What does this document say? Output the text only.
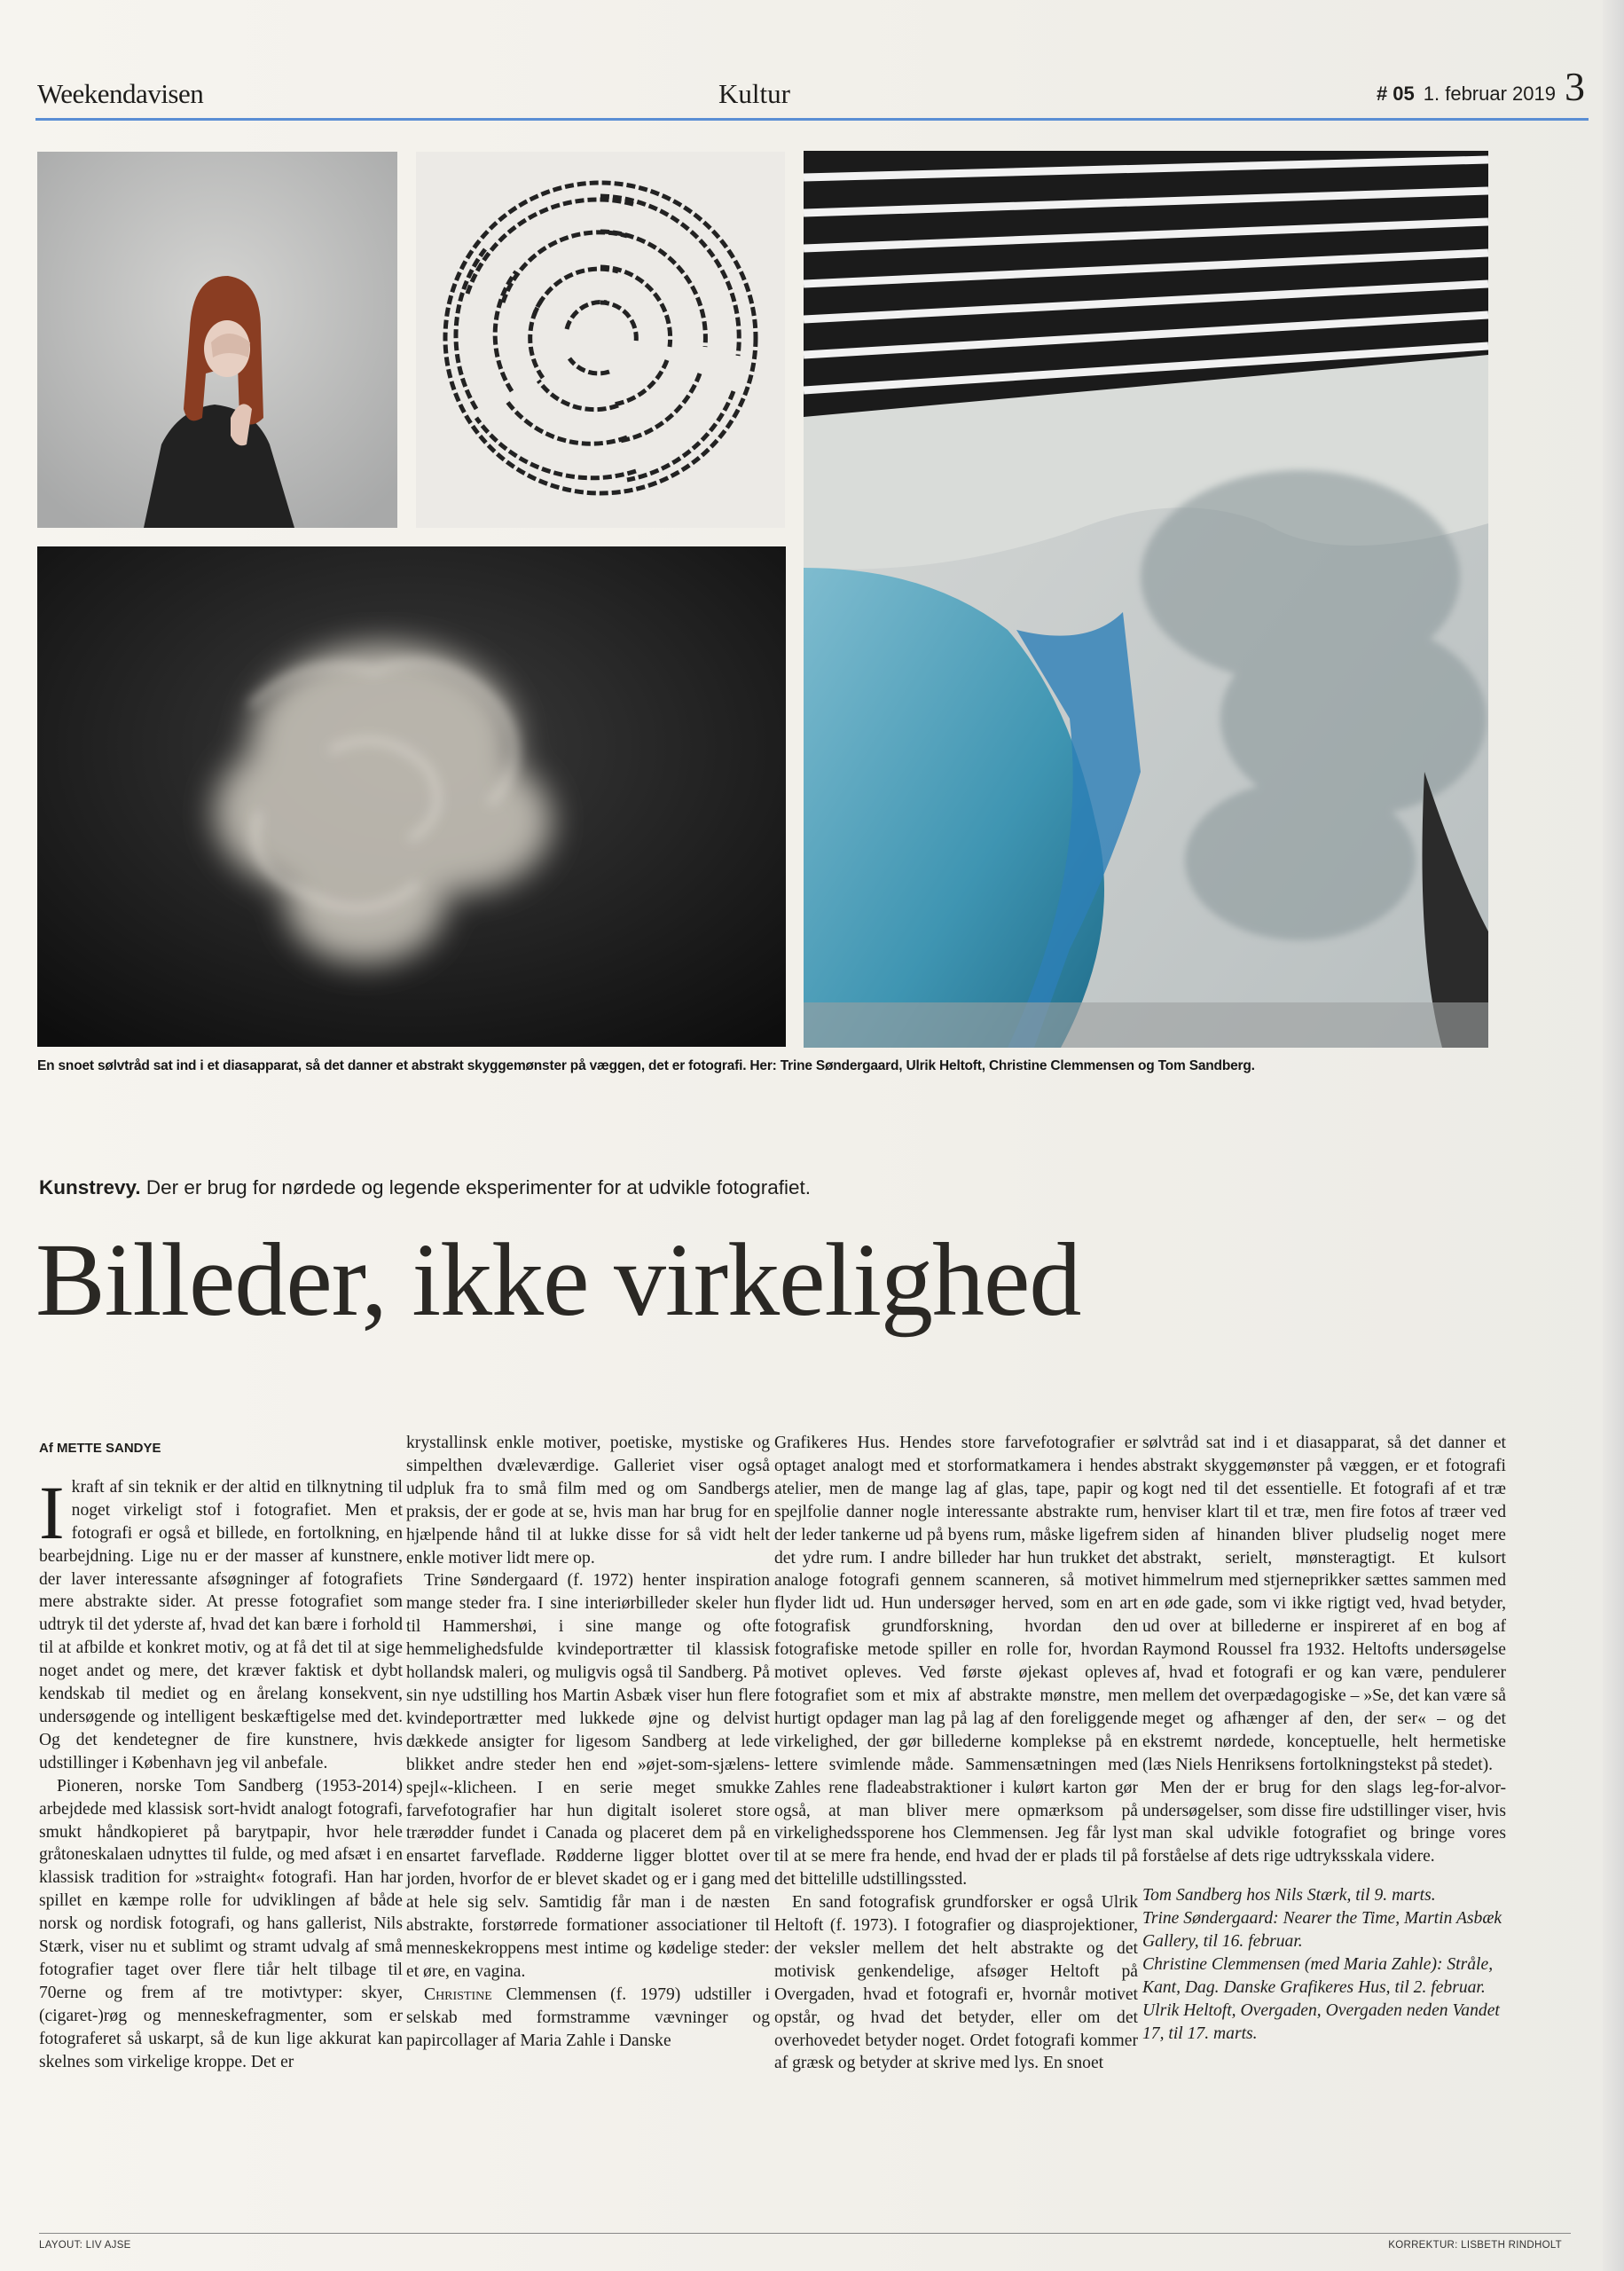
Weekendavisen	Kultur	# 05 1. februar 2019 3
En snoet sølvtråd sat ind i et diasapparat, så det danner et abstrakt skyggemønster på væggen, det er fotografi. Her: Trine Søndergaard, Ulrik Heltoft, Christine Clemmensen og Tom Sandberg.
Kunstrevy. Der er brug for nørdede og legende eksperimenter for at udvikle fotografiet.
Billeder, ikke virkelighed
Af METTE SANDYE

Ikraft af sin teknik er der altid en tilknytning til noget virkeligt stof i fotografiet. Men et fotografi er også et billede, en fortolkning, en bearbejdning. Lige nu er der masser af kunstnere, der laver interessante afsøgninger af fotografiets mere abstrakte sider. At presse fotografiet som udtryk til det yderste af, hvad det kan bære i forhold til at afbilde et konkret motiv, og at få det til at sige noget andet og mere, det kræver faktisk et dybt kendskab til mediet og en årelang konsekvent, undersøgende og intelligent beskæftigelse med det. Og det kendetegner de fire kunstnere, hvis udstillinger i København jeg vil anbefale.

Pioneren, norske Tom Sandberg (1953-2014) arbejdede med klassisk sort-hvidt analogt fotografi, smukt håndkopieret på barytpapir, hvor hele gråtoneskalaen udnyttes til fulde, og med afsæt i en klassisk tradition for »straight« fotografi. Han har spillet en kæmpe rolle for udviklingen af både norsk og nordisk fotografi, og hans gallerist, Nils Stærk, viser nu et sublimt og stramt udvalg af små fotografier taget over flere tiår helt tilbage til 70erne og frem af tre motivtyper: skyer, (cigaret-)røg og menneskefragmenter, som er fotograferet så uskarpt, så de kun lige akkurat kan skelnes som virkelige kroppe. Det er

krystallinsk enkle motiver, poetiske, mystiske og simpelthen dvæleværdige. Galleriet viser også udpluk fra to små film med og om Sandbergs praksis, der er gode at se, hvis man har brug for en hjælpende hånd til at lukke disse for så vidt helt enkle motiver lidt mere op.

Trine Søndergaard (f. 1972) henter inspiration mange steder fra. I sine interiørbilleder skeler hun til Hammershøi, i sine mange og ofte hemmelighedsfulde kvindeportrætter til klassisk hollandsk maleri, og muligvis også til Sandberg. På sin nye udstilling hos Martin Asbæk viser hun flere kvindeportrætter med lukkede øjne og delvist dækkede ansigter for ligesom Sandberg at lede blikket andre steder hen end »øjet-som-sjælens-spejl«-klicheen. I en serie meget smukke farvefotografier har hun digitalt isoleret store trærødder fundet i Canada og placeret dem på en ensartet farveflade. Rødderne ligger blottet over jorden, hvorfor de er blevet skadet og er i gang med at hele sig selv. Samtidig får man i de næsten abstrakte, forstørrede formationer associationer til menneskekroppens mest intime og kødelige steder: et øre, en vagina.

Christine Clemmensen (f. 1979) udstiller i selskab med formstramme vævninger og papircollager af Maria Zahle i Danske

Grafikeres Hus. Hendes store farvefotografier er optaget analogt med et storformatkamera i hendes atelier, men de mange lag af glas, tape, papir og spejlfolie danner nogle interessante abstrakte rum, der leder tankerne ud på byens rum, måske ligefrem det ydre rum. I andre billeder har hun trukket det analoge fotografi gennem scanneren, så motivet flyder lidt ud. Hun undersøger herved, som en art fotografisk grundforskning, hvordan den fotografiske metode spiller en rolle for, hvordan motivet opleves. Ved første øjekast opleves fotografiet som et mix af abstrakte mønstre, men hurtigt opdager man lag på lag af den foreliggende virkelighed, der gør billederne komplekse på en lettere svimlende måde. Sammensætningen med Zahles rene fladeabstraktioner i kulørt karton gør også, at man bliver mere opmærksom på virkelighedssporene hos Clemmensen. Jeg får lyst til at se mere fra hende, end hvad der er plads til på det bittelille udstillingssted.

En sand fotografisk grundforsker er også Ulrik Heltoft (f. 1973). I fotografier og diasprojektioner, der veksler mellem det helt abstrakte og det motivisk genkendelige, afsøger Heltoft på Overgaden, hvad et fotografi er, hvornår motivet opstår, og hvad det betyder, eller om det overhovedet betyder noget. Ordet fotografi kommer af græsk og betyder at skrive med lys. En snoet

sølvtråd sat ind i et diasapparat, så det danner et abstrakt skyggemønster på væggen, er et fotografi kogt ned til det essentielle. Et fotografi af et træ henviser klart til et træ, men fire fotos af træer ved siden af hinanden bliver pludselig noget mere abstrakt, serielt, mønsteragtigt. Et kulsort himmelrum med stjerneprikker sættes sammen med en øde gade, som vi ikke rigtigt ved, hvad betyder, ud over at billederne er inspireret af en bog af Raymond Roussel fra 1932. Heltofts undersøgelse af, hvad et fotografi er og kan være, pendulerer mellem det overpædagogiske – »Se, det kan være så meget og afhænger af den, der ser« – og det ekstremt nørdede, konceptuelle, helt hermetiske (læs Niels Henriksens fortolkningstekst på stedet).

Men der er brug for den slags leg-for-alvor-undersøgelser, som disse fire udstillinger viser, hvis man skal udvikle fotografiet og bringe vores forståelse af dets rige udtryksskala videre.

Tom Sandberg hos Nils Stærk, til 9. marts.
Trine Søndergaard: Nearer the Time, Martin Asbæk Gallery, til 16. februar.
Christine Clemmensen (med Maria Zahle): Stråle, Kant, Dag. Danske Grafikeres Hus, til 2. februar.
Ulrik Heltoft, Overgaden, Overgaden neden Vandet 17, til 17. marts.
LAYOUT: LIV AJSE	KORREKTUR: LISBETH RINDHOLT
